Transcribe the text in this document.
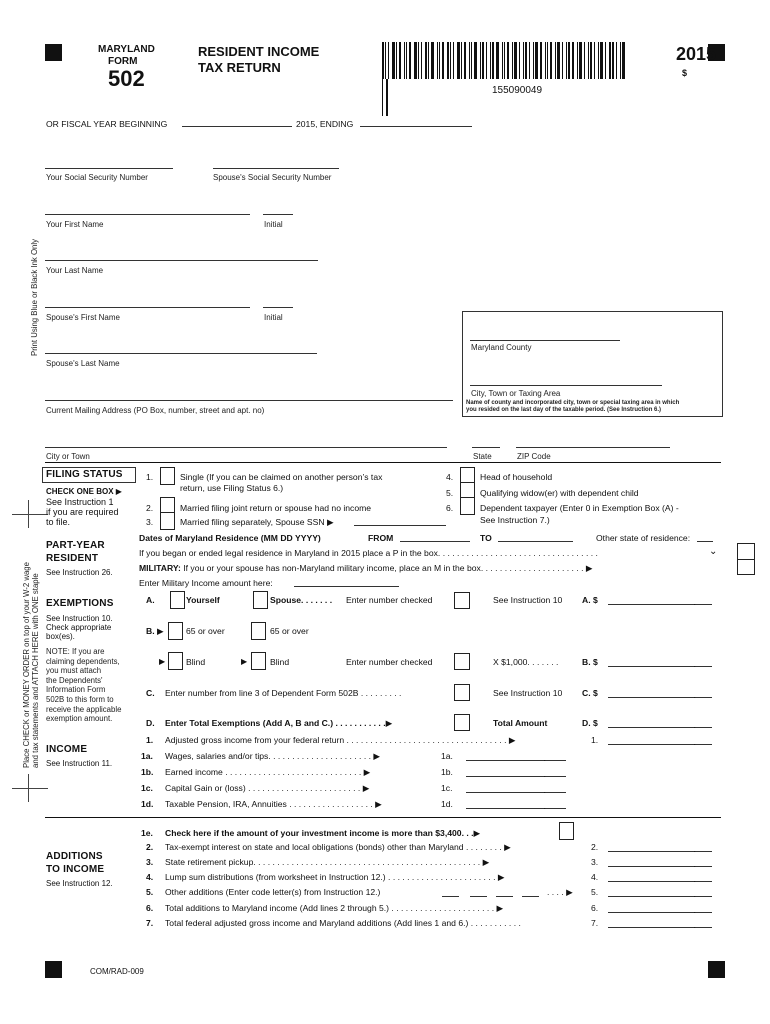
MARYLAND
FORM
502
RESIDENT INCOME
TAX RETURN
155090049
2015
$
OR FISCAL YEAR BEGINNING	2015, ENDING
Your Social Security Number	Spouse's Social Security Number
Print Using Blue or Black Ink Only
Your First Name	Initial
Your Last Name
Spouse's First Name	Initial
Spouse's Last Name
Maryland County
City, Town or Taxing Area
Name of county and incorporated city, town or special taxing area in which
you resided on the last day of the taxable period. (See Instruction 6.)
Current Mailing Address (PO Box, number, street and apt. no)
City or Town	State	ZIP Code
Place CHECK or MONEY ORDER on top of your W-2 wage and tax statements and ATTACH HERE with ONE staple
FILING STATUS
CHECK ONE BOX ▶
See Instruction 1
if you are required
to file.
1.	Single (If you can be claimed on another person’s tax
return, use Filing Status 6.)
2.	Married filing joint return or spouse had no income
3.	Married filing separately, Spouse SSN ▶
4.	Head of household
5.	Qualifying widow(er) with dependent child
6.	Dependent taxpayer (Enter 0 in Exemption Box (A) -
See Instruction 7.)
PART-YEAR
RESIDENT
See Instruction 26.
Dates of Maryland Residence (MM DD YYYY)	FROM	TO	Other state of residence:
If you began or ended legal residence in Maryland in 2015 place a P in the box. . . . . . . . . . . . . . . . . . . . . . . . . . . . . . . . . .	⌄
MILITARY: If you or your spouse has non-Maryland military income, place an M in the box. . . . . . . . . . . . . . . . . . . . . . ▶
Enter Military Income amount here:
EXEMPTIONS
See Instruction 10.
Check appropriate
box(es).
NOTE: If you are
claiming dependents,
you must attach
the Dependents'
Information Form
502B to this form to
receive the applicable
exemption amount.
A.	Yourself	Spouse. . . . . . . Enter number checked	See Instruction 10 A. $	.
B. ▶	65 or over	65 or over
▶ Blind	▶	Blind	Enter number checked	X $1,000. . . . . . .	B. $	.
C. Enter number from line 3 of Dependent Form 502B . . . . . . . . .	See Instruction 10 C. $	.
D. Enter Total Exemptions (Add A, B and C.) . . . . . . . . . . .▶	Total Amount	D. $	.
INCOME
See Instruction 11.
1. Adjusted gross income from your federal return . . . . . . . . . . . . . . . . . . . . . . . . . . . . . . . . . . ▶	1.	.
1a. Wages, salaries and/or tips. . . . . . . . . . . . . . . . . . . . . . ▶	1a.	.
1b. Earned income . . . . . . . . . . . . . . . . . . . . . . . . . . . . . ▶	1b.	.
1c. Capital Gain or (loss) . . . . . . . . . . . . . . . . . . . . . . . . ▶	1c.	.
1d. Taxable Pension, IRA, Annuities . . . . . . . . . . . . . . . . . . ▶	1d.	.
1e. Check here if the amount of your investment income is more than $3,400. . .▶
ADDITIONS
TO INCOME
See Instruction 12.
2. Tax-exempt interest on state and local obligations (bonds) other than Maryland . . . . . . . . ▶	2.	.
3. State retirement pickup. . . . . . . . . . . . . . . . . . . . . . . . . . . . . . . . . . . . . . . . . . . . . . . . ▶	3.	.
4. Lump sum distributions (from worksheet in Instruction 12.) . . . . . . . . . . . . . . . . . . . . . . . ▶	4.	.
5. Other additions (Enter code letter(s) from Instruction 12.)	. . . . ▶ 5.	.
6. Total additions to Maryland income (Add lines 2 through 5.) . . . . . . . . . . . . . . . . . . . . . . ▶	6.	.
7. Total federal adjusted gross income and Maryland additions (Add lines 1 and 6.) . . . . . . . . . . .	7.	.
COM/RAD-009
